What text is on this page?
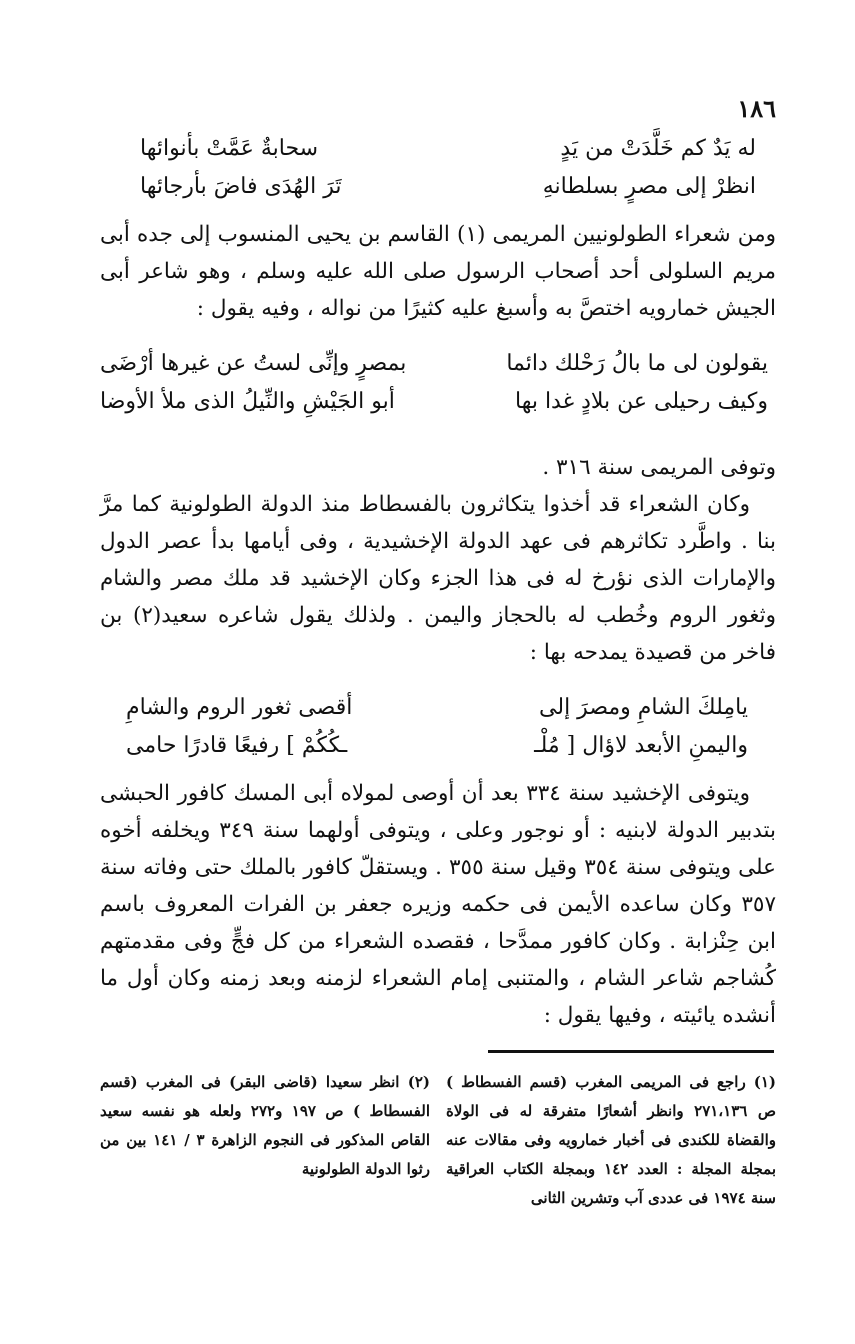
١٨٦
له يَدٌ كم خَلَّدَتْ من يَدٍ
سحابةٌ عَمَّتْ بأنوائها
انظرْ إلى مصرٍ بسلطانهِ
تَرَ الهُدَى فاضَ بأرجائها

ومن شعراء الطولونيين المريمى (١) القاسم بن يحيى المنسوب إلى جده أبى مريم السلولى أحد أصحاب الرسول صلى الله عليه وسلم ، وهو شاعر أبى الجيش خمارويه اختصَّ به وأسبغ عليه كثيرًا من نواله ، وفيه يقول :

يقولون لى ما بالُ رَحْلك دائما
بمصرٍ وإنِّى لستُ عن غيرها أرْضَى
وكيف رحيلى عن بلادٍ غدا بها
أبو الجَيْشِ والنِّيلُ الذى ملأ الأوضا

وتوفى المريمى سنة ٣١٦ .

وكان الشعراء قد أخذوا يتكاثرون بالفسطاط منذ الدولة الطولونية كما مرَّ بنا . واطَّرد تكاثرهم فى عهد الدولة الإخشيدية ، وفى أيامها بدأ عصر الدول والإمارات الذى نؤرخ له فى هذا الجزء وكان الإخشيد قد ملك مصر والشام وثغور الروم وخُطب له بالحجاز واليمن . ولذلك يقول شاعره سعيد(٢) بن فاخر من قصيدة يمدحه بها :

يامِلكَ الشامِ ومصرَ إلى
أقصى ثغور الروم والشامِ
واليمنِ الأبعد لاؤال [ مُلْـ
ـكُكُمْ ] رفيعًا قادرًا حامى

ويتوفى الإخشيد سنة ٣٣٤ بعد أن أوصى لمولاه أبى المسك كافور الحبشى بتدبير الدولة لابنيه : أو نوجور وعلى ، ويتوفى أولهما سنة ٣٤٩ ويخلفه أخوه على ويتوفى سنة ٣٥٤ وقيل سنة ٣٥٥ . ويستقلّ كافور بالملك حتى وفاته سنة ٣٥٧ وكان ساعده الأيمن فى حكمه وزيره جعفر بن الفرات المعروف باسم ابن حِنْزابة . وكان كافور ممدَّحا ، فقصده الشعراء من كل فجٍّ وفى مقدمتهم كُشاجم شاعر الشام ، والمتنبى إمام الشعراء لزمنه وبعد زمنه وكان أول ما أنشده يائيته ، وفيها يقول :

(١) راجع فى المريمى المغرب (قسم الفسطاط ) ص ٢٧١،١٣٦ وانظر أشعارًا متفرقة له فى الولاة والقضاة للكندى فى أخبار خمارويه وفى مقالات عنه بمجلة المجلة : العدد ١٤٢ وبمجلة الكتاب العراقية سنة ١٩٧٤ فى عددى آب وتشرين الثانى
(٢) انظر سعيدا (قاضى البقر) فى المغرب (قسم الفسطاط ) ص ١٩٧ و٢٧٢ ولعله هو نفسه سعيد القاص المذكور فى النجوم الزاهرة ٣ / ١٤١ بين من رثوا الدولة الطولونية
